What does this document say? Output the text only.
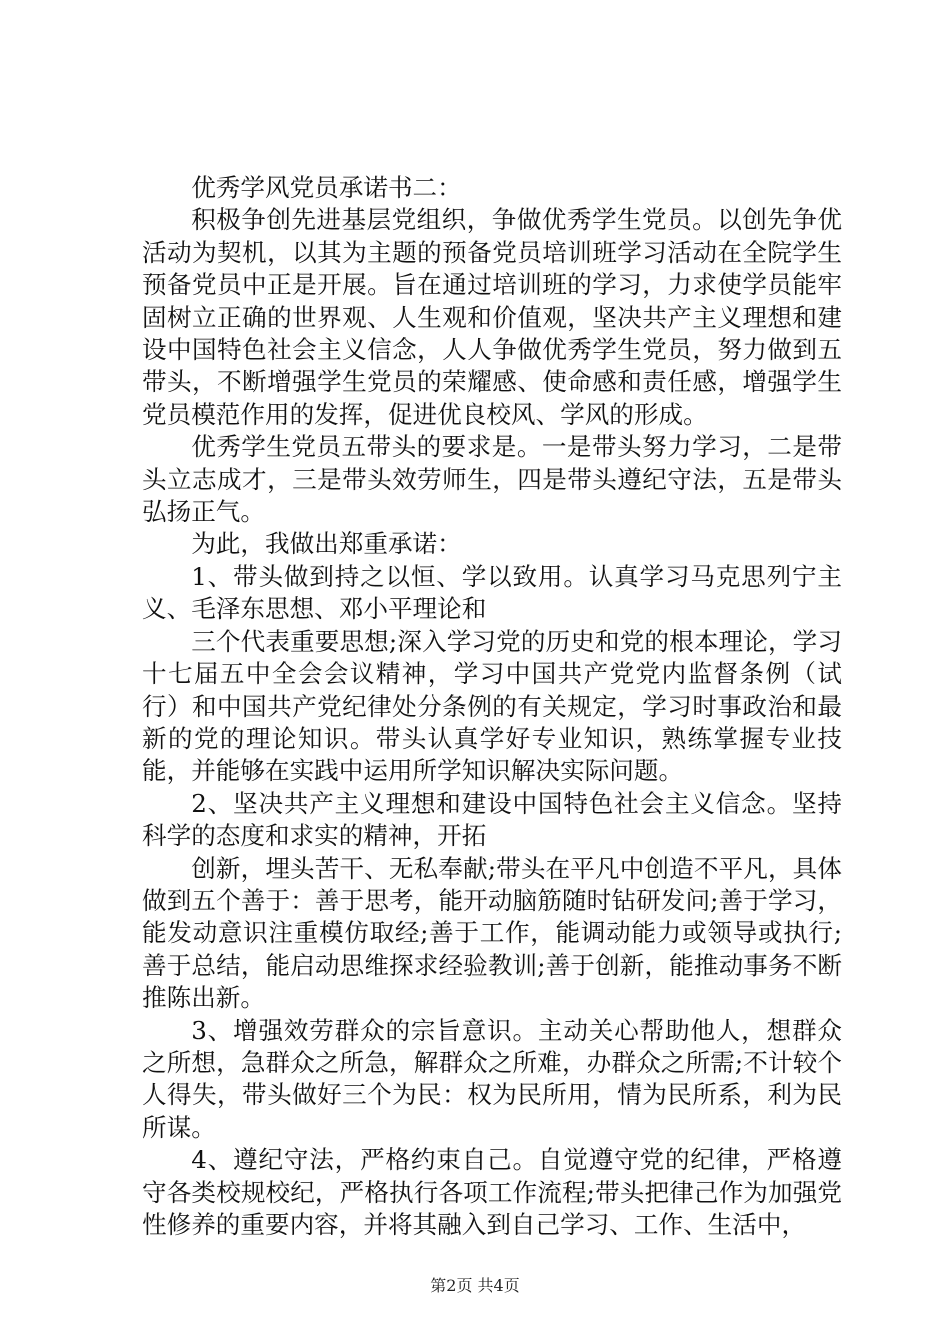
优秀学风党员承诺书二：

积极争创先进基层党组织，争做优秀学生党员。以创先争优活动为契机，以其为主题的预备党员培训班学习活动在全院学生预备党员中正是开展。旨在通过培训班的学习，力求使学员能牢固树立正确的世界观、人生观和价值观，坚决共产主义理想和建设中国特色社会主义信念，人人争做优秀学生党员，努力做到五带头，不断增强学生党员的荣耀感、使命感和责任感，增强学生党员模范作用的发挥，促进优良校风、学风的形成。

优秀学生党员五带头的要求是。一是带头努力学习，二是带头立志成才，三是带头效劳师生，四是带头遵纪守法，五是带头弘扬正气。

为此，我做出郑重承诺：

1、带头做到持之以恒、学以致用。认真学习马克思列宁主义、毛泽东思想、邓小平理论和

三个代表重要思想;深入学习党的历史和党的根本理论，学习十七届五中全会会议精神，学习中国共产党党内监督条例（试行）和中国共产党纪律处分条例的有关规定，学习时事政治和最新的党的理论知识。带头认真学好专业知识，熟练掌握专业技能，并能够在实践中运用所学知识解决实际问题。

2、坚决共产主义理想和建设中国特色社会主义信念。坚持科学的态度和求实的精神，开拓

创新，埋头苦干、无私奉献;带头在平凡中创造不平凡，具体做到五个善于：善于思考，能开动脑筋随时钻研发问;善于学习，能发动意识注重模仿取经;善于工作，能调动能力或领导或执行;善于总结，能启动思维探求经验教训;善于创新，能推动事务不断推陈出新。

3、增强效劳群众的宗旨意识。主动关心帮助他人，想群众之所想，急群众之所急，解群众之所难，办群众之所需;不计较个人得失，带头做好三个为民：权为民所用，情为民所系，利为民所谋。

4、遵纪守法，严格约束自己。自觉遵守党的纪律，严格遵守各类校规校纪，严格执行各项工作流程;带头把律己作为加强党性修养的重要内容，并将其融入到自己学习、工作、生活中，

第2页 共4页
